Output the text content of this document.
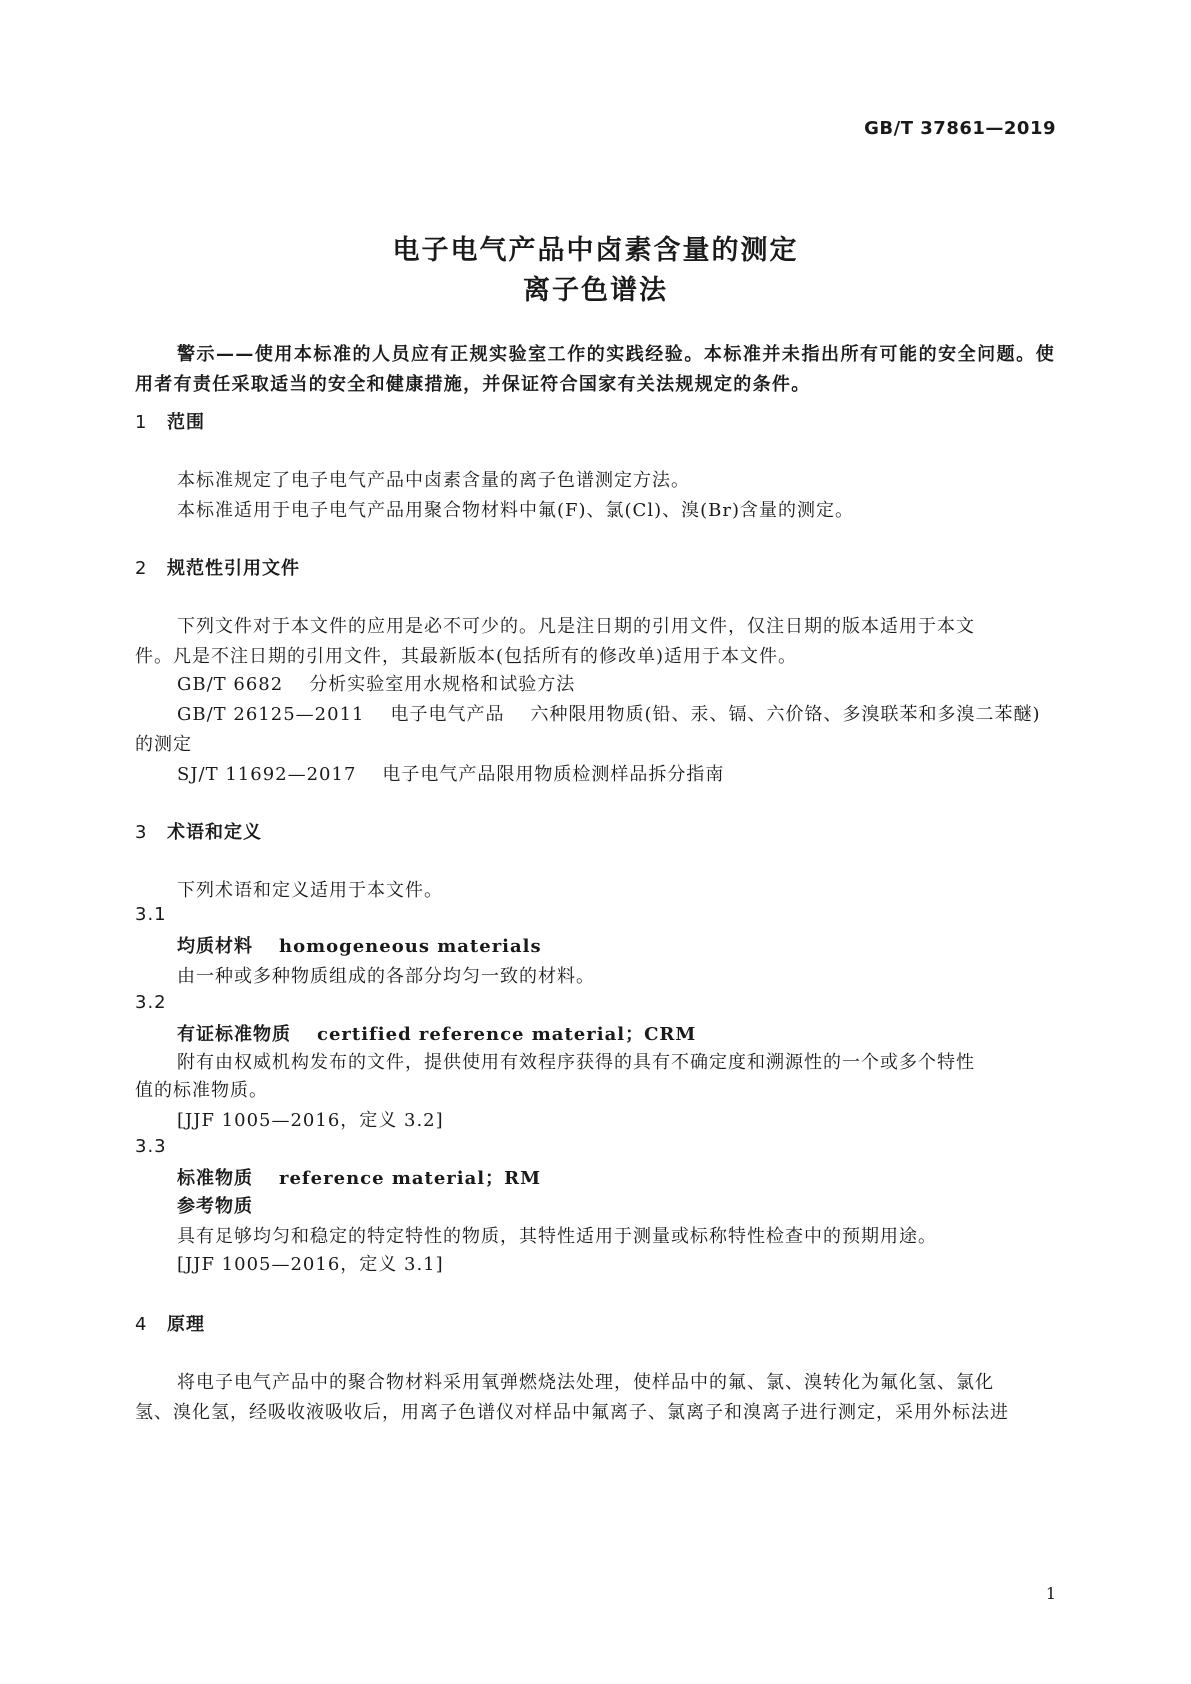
GB/T 37861—2019
电子电气产品中卤素含量的测定
离子色谱法
警示——使用本标准的人员应有正规实验室工作的实践经验。本标准并未指出所有可能的安全问题。使用者有责任采取适当的安全和健康措施，并保证符合国家有关法规规定的条件。
1 范围
本标准规定了电子电气产品中卤素含量的离子色谱测定方法。
本标准适用于电子电气产品用聚合物材料中氟(F)、氯(Cl)、溴(Br)含量的测定。
2 规范性引用文件
下列文件对于本文件的应用是必不可少的。凡是注日期的引用文件，仅注日期的版本适用于本文
件。凡是不注日期的引用文件，其最新版本(包括所有的修改单)适用于本文件。
GB/T 6682 分析实验室用水规格和试验方法
GB/T 26125—2011 电子电气产品 六种限用物质(铅、汞、镉、六价铬、多溴联苯和多溴二苯醚)
的测定
SJ/T 11692—2017 电子电气产品限用物质检测样品拆分指南
3 术语和定义
下列术语和定义适用于本文件。
3.1
均质材料 homogeneous materials
由一种或多种物质组成的各部分均匀一致的材料。
3.2
有证标准物质 certified reference material；CRM
附有由权威机构发布的文件，提供使用有效程序获得的具有不确定度和溯源性的一个或多个特性
值的标准物质。
[JJF 1005—2016，定义 3.2]
3.3
标准物质 reference material；RM
参考物质
具有足够均匀和稳定的特定特性的物质，其特性适用于测量或标称特性检查中的预期用途。
[JJF 1005—2016，定义 3.1]
4 原理
将电子电气产品中的聚合物材料采用氧弹燃烧法处理，使样品中的氟、氯、溴转化为氟化氢、氯化
氢、溴化氢，经吸收液吸收后，用离子色谱仪对样品中氟离子、氯离子和溴离子进行测定，采用外标法进
1
